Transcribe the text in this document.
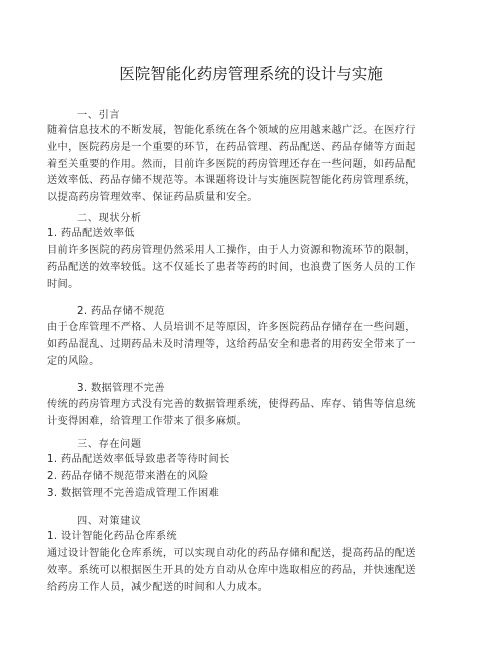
医院智能化药房管理系统的设计与实施
一、引言
随着信息技术的不断发展，智能化系统在各个领域的应用越来越广泛。在医疗行
业中，医院药房是一个重要的环节，在药品管理、药品配送、药品存储等方面起
着至关重要的作用。然而，目前许多医院的药房管理还存在一些问题，如药品配
送效率低、药品存储不规范等。本课题将设计与实施医院智能化药房管理系统，
以提高药房管理效率、保证药品质量和安全。
二、现状分析
1. 药品配送效率低
目前许多医院的药房管理仍然采用人工操作，由于人力资源和物流环节的限制，
药品配送的效率较低。这不仅延长了患者等药的时间，也浪费了医务人员的工作
时间。
2. 药品存储不规范
由于仓库管理不严格、人员培训不足等原因，许多医院药品存储存在一些问题，
如药品混乱、过期药品未及时清理等，这给药品安全和患者的用药安全带来了一
定的风险。
3. 数据管理不完善
传统的药房管理方式没有完善的数据管理系统，使得药品、库存、销售等信息统
计变得困难，给管理工作带来了很多麻烦。
三、存在问题
1. 药品配送效率低导致患者等待时间长
2. 药品存储不规范带来潜在的风险
3. 数据管理不完善造成管理工作困难
四、对策建议
1. 设计智能化药品仓库系统
通过设计智能化仓库系统，可以实现自动化的药品存储和配送，提高药品的配送
效率。系统可以根据医生开具的处方自动从仓库中选取相应的药品，并快速配送
给药房工作人员，减少配送的时间和人力成本。
